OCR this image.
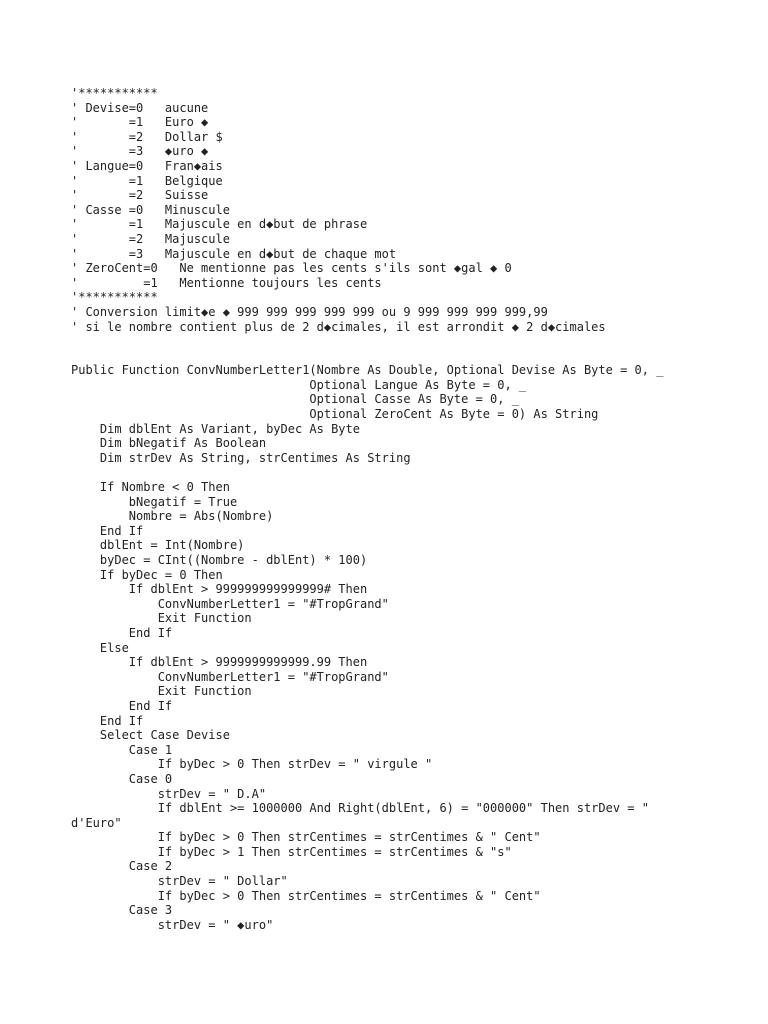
'***********
' Devise=0   aucune
'       =1   Euro ◆
'       =2   Dollar $
'       =3   ◆uro ◆
' Langue=0   Fran◆ais
'       =1   Belgique
'       =2   Suisse
' Casse =0   Minuscule
'       =1   Majuscule en d◆but de phrase
'       =2   Majuscule
'       =3   Majuscule en d◆but de chaque mot
' ZeroCent=0   Ne mentionne pas les cents s'ils sont ◆gal ◆ 0
'         =1   Mentionne toujours les cents
'***********
' Conversion limit◆e ◆ 999 999 999 999 999 ou 9 999 999 999 999,99
' si le nombre contient plus de 2 d◆cimales, il est arrondit ◆ 2 d◆cimales
Public Function ConvNumberLetter1(Nombre As Double, Optional Devise As Byte = 0, _
Optional Langue As Byte = 0, _
Optional Casse As Byte = 0, _
Optional ZeroCent As Byte = 0) As String
Dim dblEnt As Variant, byDec As Byte
Dim bNegatif As Boolean
Dim strDev As String, strCentimes As String
If Nombre < 0 Then
bNegatif = True
Nombre = Abs(Nombre)
End If
dblEnt = Int(Nombre)
byDec = CInt((Nombre - dblEnt) * 100)
If byDec = 0 Then
If dblEnt > 999999999999999# Then
ConvNumberLetter1 = "#TropGrand"
Exit Function
End If
Else
If dblEnt > 9999999999999.99 Then
ConvNumberLetter1 = "#TropGrand"
Exit Function
End If
End If
Select Case Devise
Case 1
If byDec > 0 Then strDev = " virgule "
Case 0
strDev = " D.A"
If dblEnt >= 1000000 And Right(dblEnt, 6) = "000000" Then strDev = "
d'Euro"
If byDec > 0 Then strCentimes = strCentimes & " Cent"
If byDec > 1 Then strCentimes = strCentimes & "s"
Case 2
strDev = " Dollar"
If byDec > 0 Then strCentimes = strCentimes & " Cent"
Case 3
strDev = " ◆uro"
